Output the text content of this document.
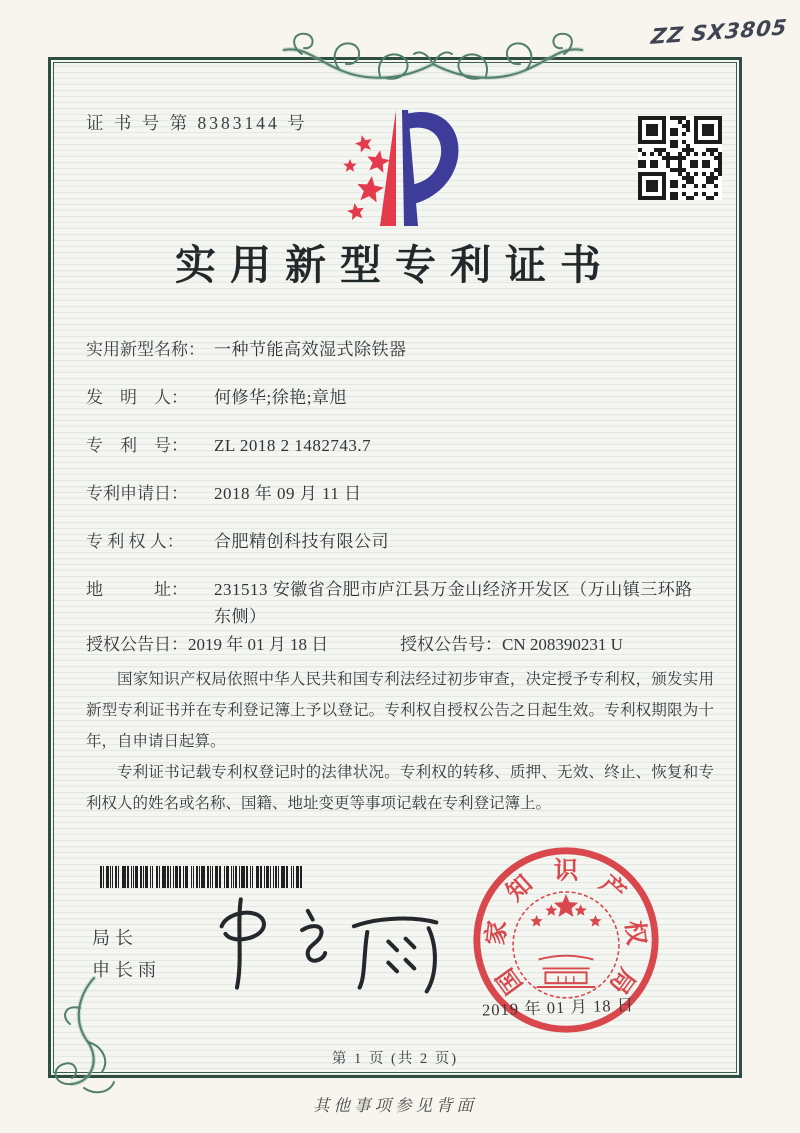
证 书 号 第 8383144 号
ZZ SX3805
实用新型专利证书
实用新型名称： 一种节能高效湿式除铁器
发　明　人：	何修华;徐艳;章旭
专　利　号：	ZL 2018 2 1482743.7
专利申请日：	2018 年 09 月 11 日
专 利 权 人：	合肥精创科技有限公司
地　　　址：	231513 安徽省合肥市庐江县万金山经济开发区（万山镇三环路东侧）
授权公告日：2019 年 01 月 18 日	授权公告号：CN 208390231 U

国家知识产权局依照中华人民共和国专利法经过初步审查，决定授予专利权，颁发实用新型专利证书并在专利登记簿上予以登记。专利权自授权公告之日起生效。专利权期限为十年，自申请日起算。

专利证书记载专利权登记时的法律状况。专利权的转移、质押、无效、终止、恢复和专利权人的姓名或名称、国籍、地址变更等事项记载在专利登记簿上。

局长
申长雨	国
家
知 识 产
权
局
2019 年 01 月 18 日
第 1 页 (共 2 页)
其他事项参见背面
